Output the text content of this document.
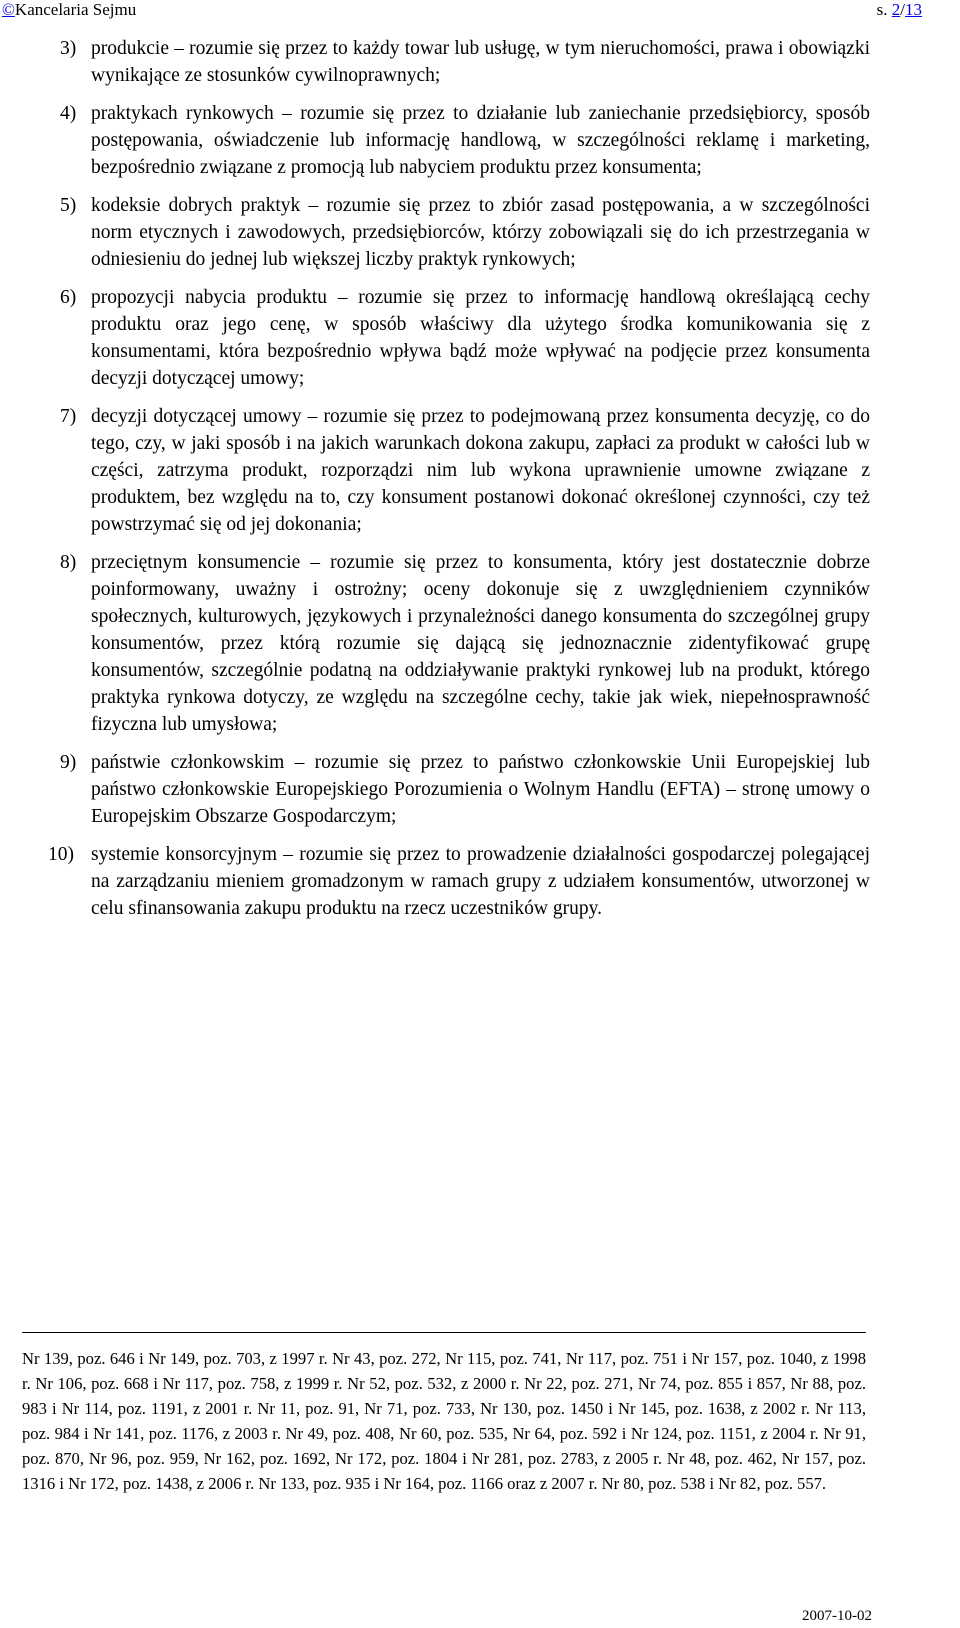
©Kancelaria Sejmu	s. 2/13
3) produkcie – rozumie się przez to każdy towar lub usługę, w tym nieruchomości, prawa i obowiązki wynikające ze stosunków cywilnoprawnych;
4) praktykach rynkowych – rozumie się przez to działanie lub zaniechanie przedsiębiorcy, sposób postępowania, oświadczenie lub informację handlową, w szczególności reklamę i marketing, bezpośrednio związane z promocją lub nabyciem produktu przez konsumenta;
5) kodeksie dobrych praktyk – rozumie się przez to zbiór zasad postępowania, a w szczególności norm etycznych i zawodowych, przedsiębiorców, którzy zobowiązali się do ich przestrzegania w odniesieniu do jednej lub większej liczby praktyk rynkowych;
6) propozycji nabycia produktu – rozumie się przez to informację handlową określającą cechy produktu oraz jego cenę, w sposób właściwy dla użytego środka komunikowania się z konsumentami, która bezpośrednio wpływa bądź może wpływać na podjęcie przez konsumenta decyzji dotyczącej umowy;
7) decyzji dotyczącej umowy – rozumie się przez to podejmowaną przez konsumenta decyzję, co do tego, czy, w jaki sposób i na jakich warunkach dokona zakupu, zapłaci za produkt w całości lub w części, zatrzyma produkt, rozporządzi nim lub wykona uprawnienie umowne związane z produktem, bez względu na to, czy konsument postanowi dokonać określonej czynności, czy też powstrzymać się od jej dokonania;
8) przeciętnym konsumencie – rozumie się przez to konsumenta, który jest dostatecznie dobrze poinformowany, uważny i ostrożny; oceny dokonuje się z uwzględnieniem czynników społecznych, kulturowych, językowych i przynależności danego konsumenta do szczególnej grupy konsumentów, przez którą rozumie się dającą się jednoznacznie zidentyfikować grupę konsumentów, szczególnie podatną na oddziaływanie praktyki rynkowej lub na produkt, którego praktyka rynkowa dotyczy, ze względu na szczególne cechy, takie jak wiek, niepełnosprawność fizyczna lub umysłowa;
9) państwie członkowskim – rozumie się przez to państwo członkowskie Unii Europejskiej lub państwo członkowskie Europejskiego Porozumienia o Wolnym Handlu (EFTA) – stronę umowy o Europejskim Obszarze Gospodarczym;
10) systemie konsorcyjnym – rozumie się przez to prowadzenie działalności gospodarczej polegającej na zarządzaniu mieniem gromadzonym w ramach grupy z udziałem konsumentów, utworzonej w celu sfinansowania zakupu produktu na rzecz uczestników grupy.

Nr 139, poz. 646 i Nr 149, poz. 703, z 1997 r. Nr 43, poz. 272, Nr 115, poz. 741, Nr 117, poz. 751 i Nr 157, poz. 1040, z 1998 r. Nr 106, poz. 668 i Nr 117, poz. 758, z 1999 r. Nr 52, poz. 532, z 2000 r. Nr 22, poz. 271, Nr 74, poz. 855 i 857, Nr 88, poz. 983 i Nr 114, poz. 1191, z 2001 r. Nr 11, poz. 91, Nr 71, poz. 733, Nr 130, poz. 1450 i Nr 145, poz. 1638, z 2002 r. Nr 113, poz. 984 i Nr 141, poz. 1176, z 2003 r. Nr 49, poz. 408, Nr 60, poz. 535, Nr 64, poz. 592 i Nr 124, poz. 1151, z 2004 r. Nr 91, poz. 870, Nr 96, poz. 959, Nr 162, poz. 1692, Nr 172, poz. 1804 i Nr 281, poz. 2783, z 2005 r. Nr 48, poz. 462, Nr 157, poz. 1316 i Nr 172, poz. 1438, z 2006 r. Nr 133, poz. 935 i Nr 164, poz. 1166 oraz z 2007 r. Nr 80, poz. 538 i Nr 82, poz. 557.

2007-10-02
